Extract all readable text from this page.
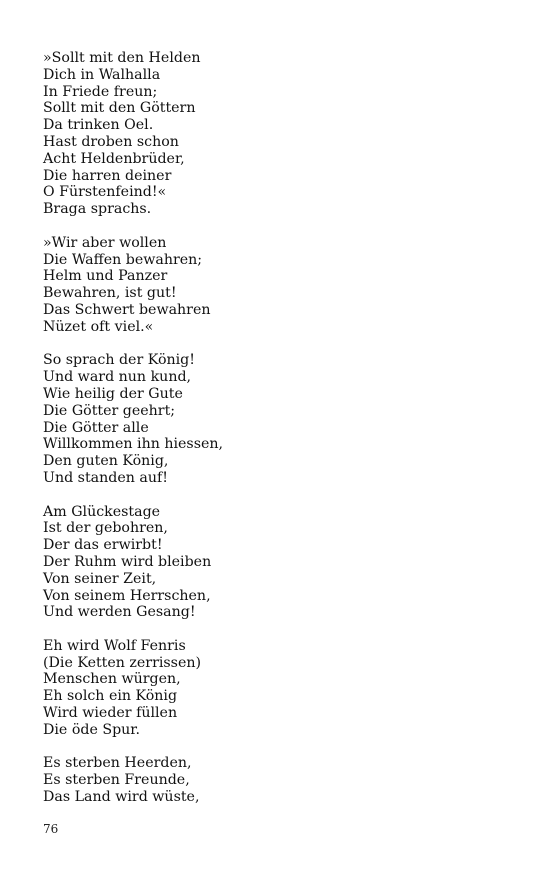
»Sollt mit den Helden
Dich in Walhalla
In Friede freun;
Sollt mit den Göttern
Da trinken Oel.
Hast droben schon
Acht Heldenbrüder,
Die harren deiner
O Fürstenfeind!«
Braga sprachs.
»Wir aber wollen
Die Waffen bewahren;
Helm und Panzer
Bewahren, ist gut!
Das Schwert bewahren
Nüzet oft viel.«
So sprach der König!
Und ward nun kund,
Wie heilig der Gute
Die Götter geehrt;
Die Götter alle
Willkommen ihn hiessen,
Den guten König,
Und standen auf!
Am Glückestage
Ist der gebohren,
Der das erwirbt!
Der Ruhm wird bleiben
Von seiner Zeit,
Von seinem Herrschen,
Und werden Gesang!
Eh wird Wolf Fenris
(Die Ketten zerrissen)
Menschen würgen,
Eh solch ein König
Wird wieder füllen
Die öde Spur.
Es sterben Heerden,
Es sterben Freunde,
Das Land wird wüste,
76
